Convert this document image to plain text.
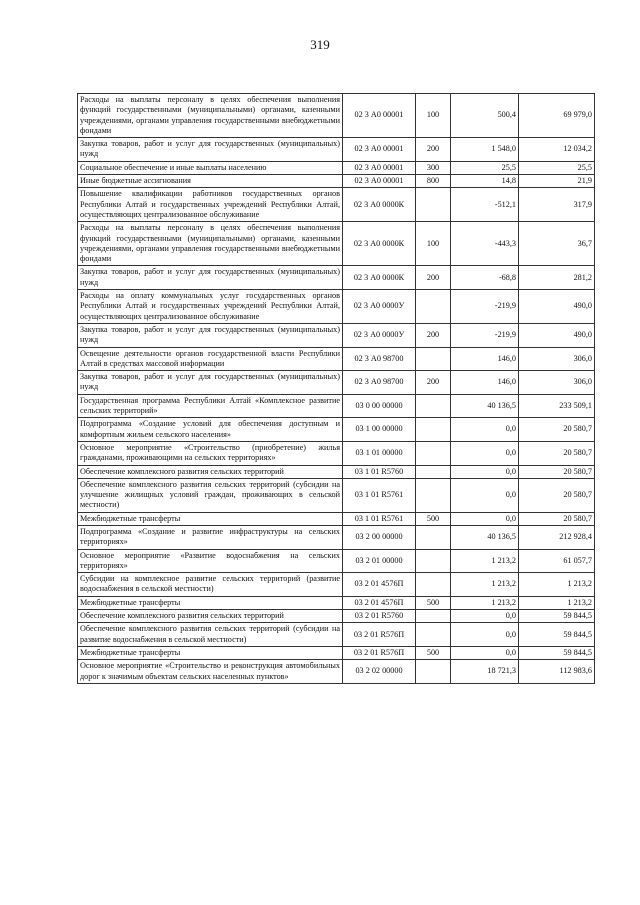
319
Расходы на выплаты персоналу в целях обеспечения выполнения функций государственными (муниципальными) органами, казенными учреждениями, органами управления государственными внебюджетными фондами	02 3 А0 00001	100	500,4	69 979,0
Закупка товаров, работ и услуг для государственных (муниципальных) нужд	02 3 А0 00001	200	1 548,0	12 034,2
Социальное обеспечение и иные выплаты населению	02 3 А0 00001	300	25,5	25,5
Иные бюджетные ассигнования	02 3 А0 00001	800	14,8	21,9
Повышение квалификации работников государственных органов Республики Алтай и государственных учреждений Республики Алтай, осуществляющих централизованное обслуживание	02 3 А0 0000К		-512,1	317,9
Расходы на выплаты персоналу в целях обеспечения выполнения функций государственными (муниципальными) органами, казенными учреждениями, органами управления государственными внебюджетными фондами	02 3 А0 0000К	100	-443,3	36,7
Закупка товаров, работ и услуг для государственных (муниципальных) нужд	02 3 А0 0000К	200	-68,8	281,2
Расходы на оплату коммунальных услуг государственных органов Республики Алтай и государственных учреждений Республики Алтай, осуществляющих централизованное обслуживание	02 3 А0 0000У		-219,9	490,0
Закупка товаров, работ и услуг для государственных (муниципальных) нужд	02 3 А0 0000У	200	-219,9	490,0
Освещение деятельности органов государственной власти Республики Алтай в средствах массовой информации	02 3 А0 98700		146,0	306,0
Закупка товаров, работ и услуг для государственных (муниципальных) нужд	02 3 А0 98700	200	146,0	306,0
Государственная программа Республики Алтай «Комплексное развитие сельских территорий»	03 0 00 00000		40 136,5	233 509,1
Подпрограмма «Создание условий для обеспечения доступным и комфортным жильем сельского населения»	03 1 00 00000		0,0	20 580,7
Основное мероприятие «Строительство (приобретение) жилья гражданами, проживающими на сельских территориях»	03 1 01 00000		0,0	20 580,7
Обеспечение комплексного развития сельских территорий	03 1 01 R5760		0,0	20 580,7
Обеспечение комплексного развития сельских территорий (субсидии на улучшение жилищных условий граждан, проживающих в сельской местности)	03 1 01 R5761		0,0	20 580,7
Межбюджетные трансферты	03 1 01 R5761	500	0,0	20 580,7
Подпрограмма «Создание и развитие инфраструктуры на сельских территориях»	03 2 00 00000		40 136,5	212 928,4
Основное мероприятие «Развитие водоснабжения на сельских территориях»	03 2 01 00000		1 213,2	61 057,7
Субсидии на комплексное развитие сельских территорий (развитие водоснабжения в сельской местности)	03 2 01 4576П		1 213,2	1 213,2
Межбюджетные трансферты	03 2 01 4576П	500	1 213,2	1 213,2
Обеспечение комплексного развития сельских территорий	03 2 01 R5760		0,0	59 844,5
Обеспечение комплексного развития сельских территорий (субсидии на развитие водоснабжения в сельской местности)	03 2 01 R576П		0,0	59 844,5
Межбюджетные трансферты	03 2 01 R576П	500	0,0	59 844,5
Основное мероприятие «Строительство и реконструкция автомобильных дорог к значимым объектам сельских населенных пунктов»	03 2 02 00000		18 721,3	112 983,6
